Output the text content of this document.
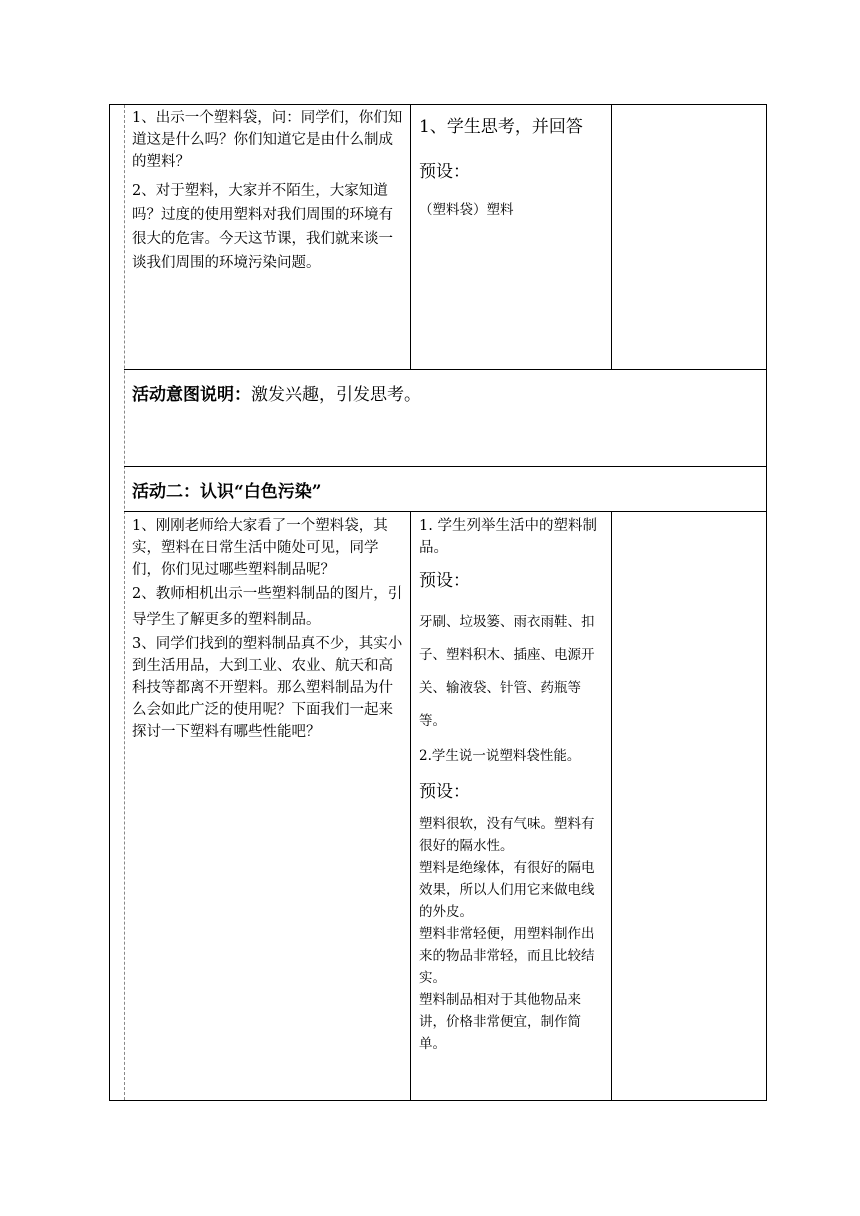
1、出示一个塑料袋，问：同学们，你们知道这是什么吗？你们知道它是由什么制成的塑料？

2、对于塑料，大家并不陌生，大家知道吗？过度的使用塑料对我们周围的环境有很大的危害。今天这节课，我们就来谈一谈我们周围的环境污染问题。

1、学生思考，并回答

预设：

（塑料袋）塑料

活动意图说明：激发兴趣，引发思考。
活动二：认识“白色污染”

1、刚刚老师给大家看了一个塑料袋，其实，塑料在日常生活中随处可见，同学们，你们见过哪些塑料制品呢？

2、教师相机出示一些塑料制品的图片，引导学生了解更多的塑料制品。

3、同学们找到的塑料制品真不少，其实小到生活用品，大到工业、农业、航天和高科技等都离不开塑料。那么塑料制品为什么会如此广泛的使用呢？下面我们一起来探讨一下塑料有哪些性能吧？

1. 学生列举生活中的塑料制品。

预设：

牙刷、垃圾篓、雨衣雨鞋、扣子、塑料积木、插座、电源开关、输液袋、针管、药瓶等等。

2.学生说一说塑料袋性能。

预设：

塑料很软，没有气味。塑料有很好的隔水性。

塑料是绝缘体，有很好的隔电效果，所以人们用它来做电线的外皮。

塑料非常轻便，用塑料制作出来的物品非常轻，而且比较结实。

塑料制品相对于其他物品来讲，价格非常便宜，制作简单。
